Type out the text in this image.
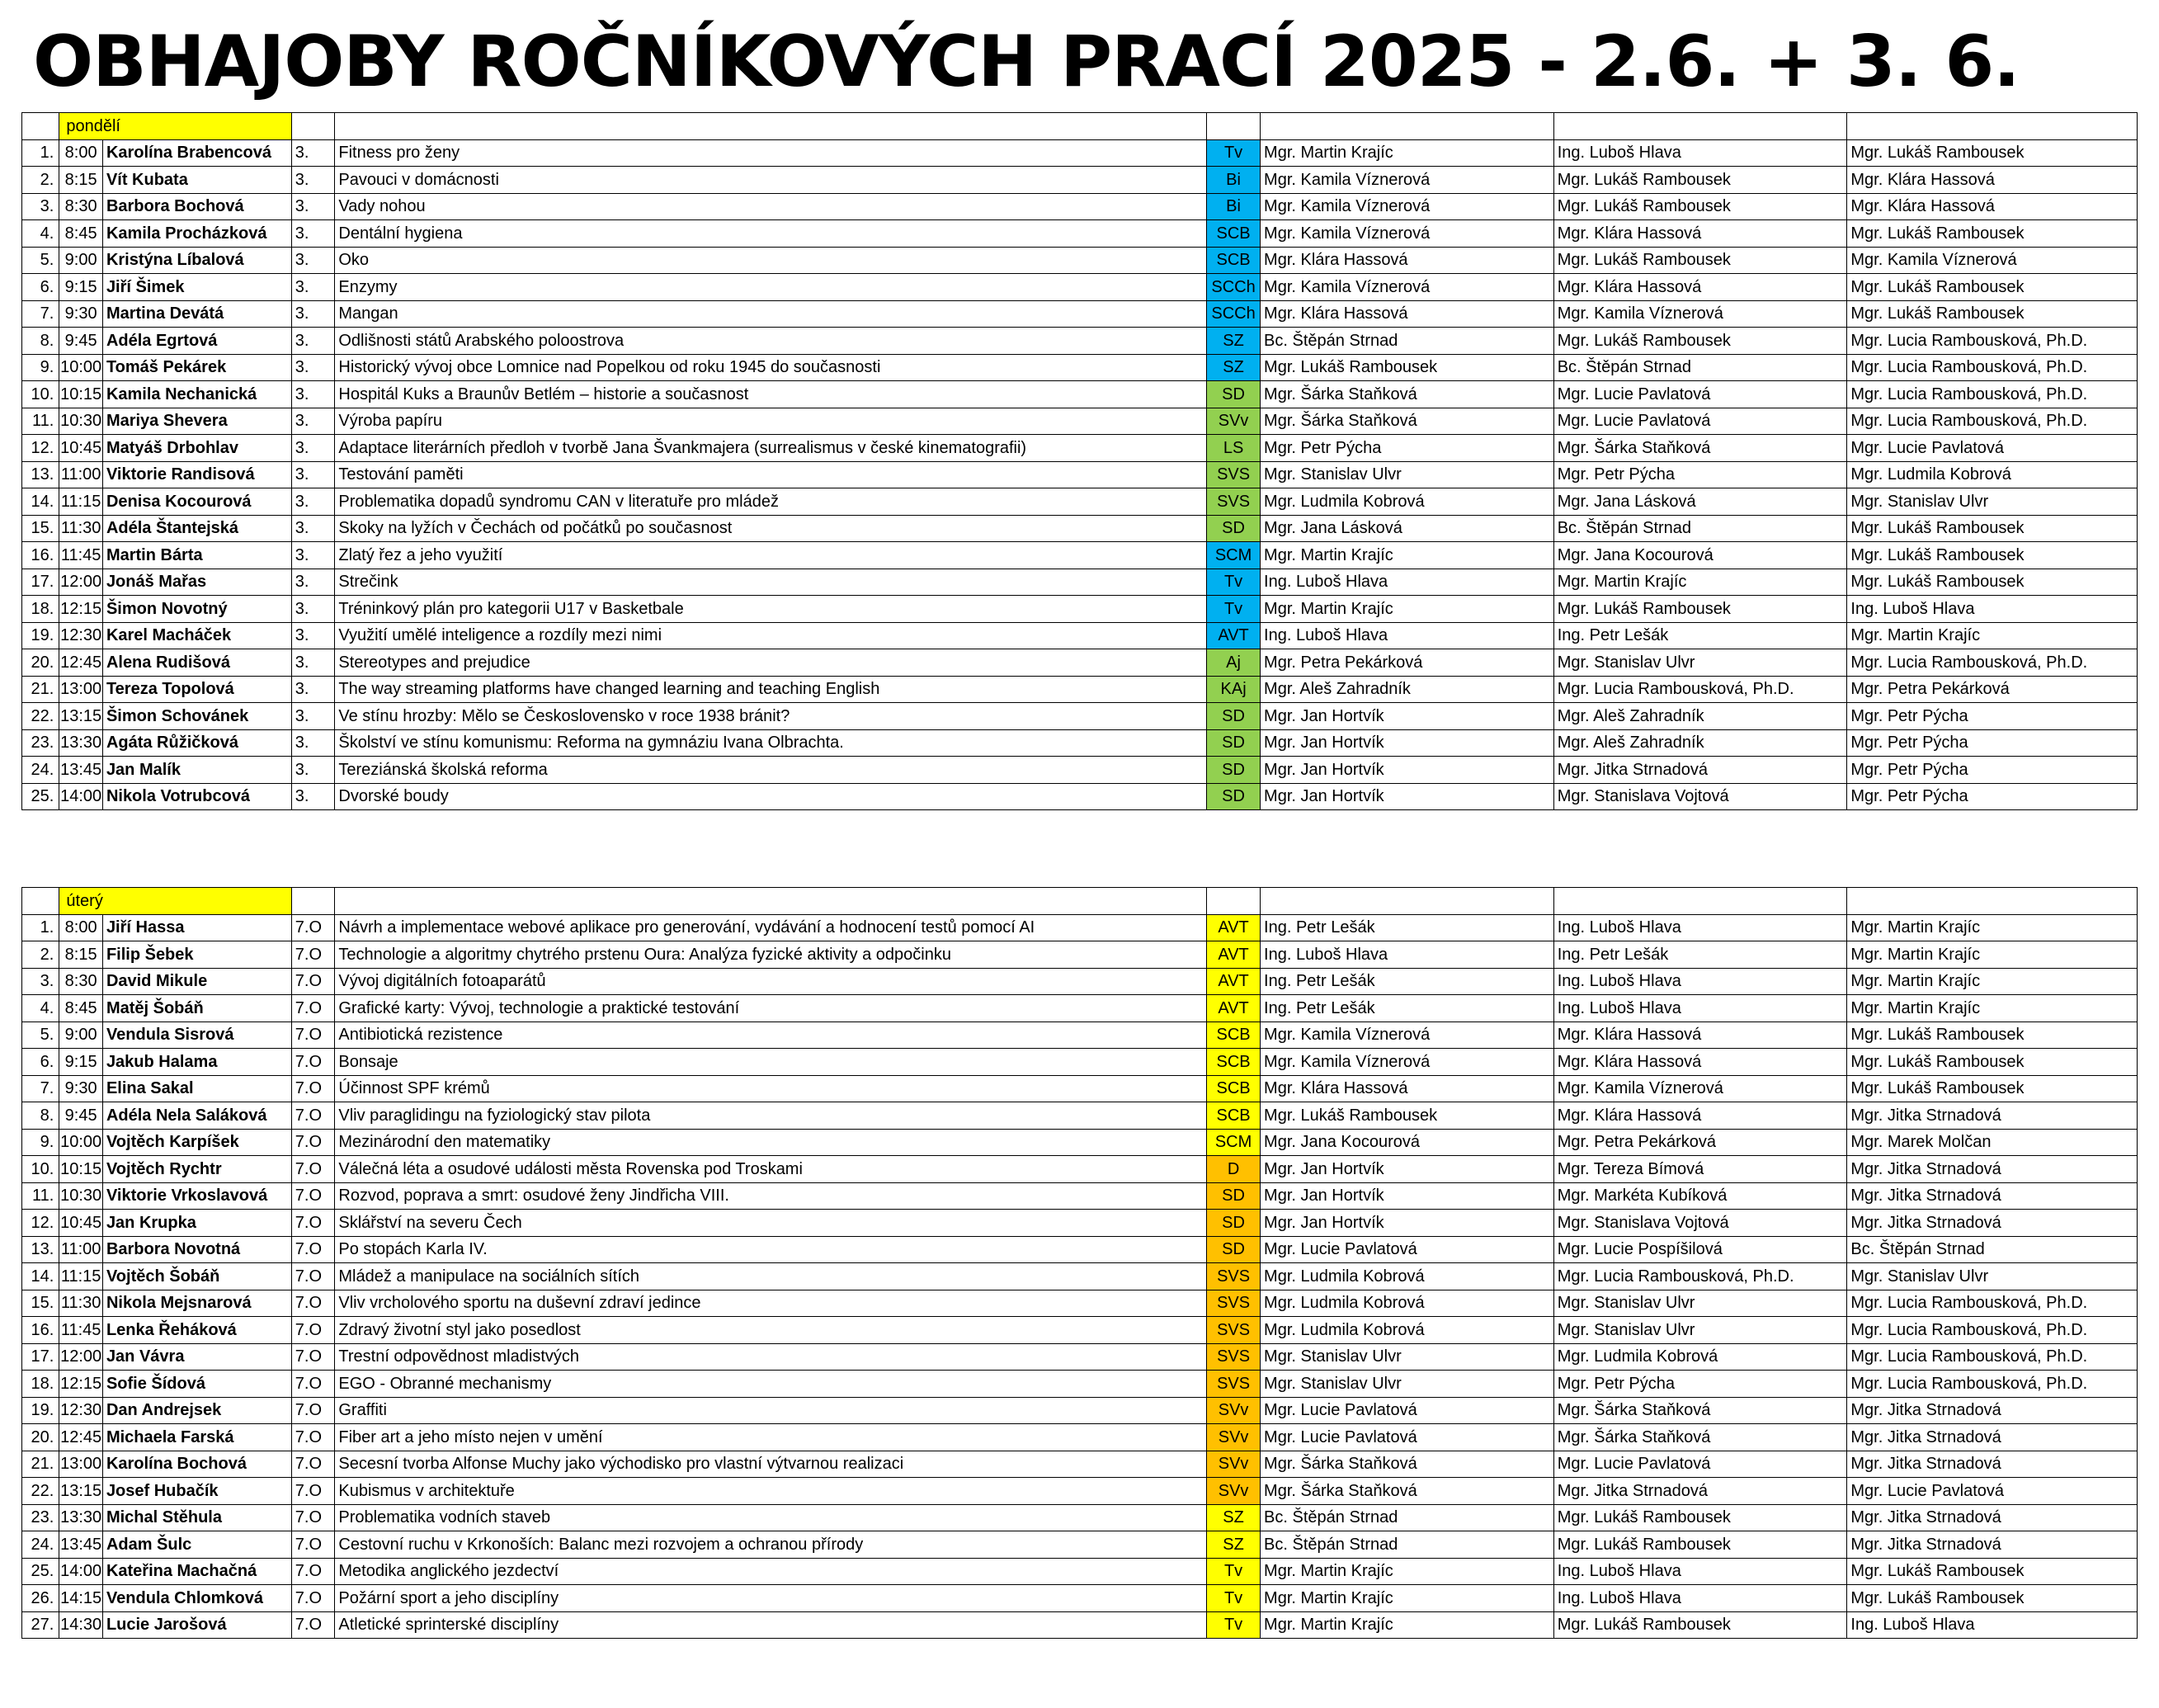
OBHAJOBY ROČNÍKOVÝCH PRACÍ 2025 - 2.6. + 3. 6.
	pondělí							
1.	8:00	Karolína Brabencová	3.	Fitness pro ženy	Tv	Mgr. Martin Krajíc	Ing. Luboš Hlava	Mgr. Lukáš Rambousek
2.	8:15	Vít Kubata	3.	Pavouci v domácnosti	Bi	Mgr. Kamila Víznerová	Mgr. Lukáš Rambousek	Mgr. Klára Hassová
3.	8:30	Barbora Bochová	3.	Vady nohou	Bi	Mgr. Kamila Víznerová	Mgr. Lukáš Rambousek	Mgr. Klára Hassová
4.	8:45	Kamila Procházková	3.	Dentální hygiena	SCB	Mgr. Kamila Víznerová	Mgr. Klára Hassová	Mgr. Lukáš Rambousek
5.	9:00	Kristýna Líbalová	3.	Oko	SCB	Mgr. Klára Hassová	Mgr. Lukáš Rambousek	Mgr. Kamila Víznerová
6.	9:15	Jiří Šimek	3.	Enzymy	SCCh	Mgr. Kamila Víznerová	Mgr. Klára Hassová	Mgr. Lukáš Rambousek
7.	9:30	Martina Devátá	3.	Mangan	SCCh	Mgr. Klára Hassová	Mgr. Kamila Víznerová	Mgr. Lukáš Rambousek
8.	9:45	Adéla Egrtová	3.	Odlišnosti států Arabského poloostrova	SZ	Bc. Štěpán Strnad	Mgr. Lukáš Rambousek	Mgr. Lucia Rambousková, Ph.D.
9.	10:00	Tomáš Pekárek	3.	Historický vývoj obce Lomnice nad Popelkou od roku 1945 do současnosti	SZ	Mgr. Lukáš Rambousek	Bc. Štěpán Strnad	Mgr. Lucia Rambousková, Ph.D.
10.	10:15	Kamila Nechanická	3.	Hospitál Kuks a Braunův Betlém – historie a současnost	SD	Mgr. Šárka Staňková	Mgr. Lucie Pavlatová	Mgr. Lucia Rambousková, Ph.D.
11.	10:30	Mariya Shevera	3.	Výroba papíru	SVv	Mgr. Šárka Staňková	Mgr. Lucie Pavlatová	Mgr. Lucia Rambousková, Ph.D.
12.	10:45	Matyáš Drbohlav	3.	Adaptace literárních předloh v tvorbě Jana Švankmajera (surrealismus v české kinematografii)	LS	Mgr. Petr Pýcha	Mgr. Šárka Staňková	Mgr. Lucie Pavlatová
13.	11:00	Viktorie Randisová	3.	Testování paměti	SVS	Mgr. Stanislav Ulvr	Mgr. Petr Pýcha	Mgr. Ludmila Kobrová
14.	11:15	Denisa Kocourová	3.	Problematika dopadů syndromu CAN v literatuře pro mládež	SVS	Mgr. Ludmila Kobrová	Mgr. Jana Lásková	Mgr. Stanislav Ulvr
15.	11:30	Adéla Štantejská	3.	Skoky na lyžích v Čechách od počátků po současnost	SD	Mgr. Jana Lásková	Bc. Štěpán Strnad	Mgr. Lukáš Rambousek
16.	11:45	Martin Bárta	3.	Zlatý řez a jeho využití	SCM	Mgr. Martin Krajíc	Mgr. Jana Kocourová	Mgr. Lukáš Rambousek
17.	12:00	Jonáš Mařas	3.	Strečink	Tv	Ing. Luboš Hlava	Mgr. Martin Krajíc	Mgr. Lukáš Rambousek
18.	12:15	Šimon Novotný	3.	Tréninkový plán pro kategorii U17 v Basketbale	Tv	Mgr. Martin Krajíc	Mgr. Lukáš Rambousek	Ing. Luboš Hlava
19.	12:30	Karel Macháček	3.	Využití umělé inteligence a rozdíly mezi nimi	AVT	Ing. Luboš Hlava	Ing. Petr Lešák	Mgr. Martin Krajíc
20.	12:45	Alena Rudišová	3.	Stereotypes and prejudice	Aj	Mgr. Petra Pekárková	Mgr. Stanislav Ulvr	Mgr. Lucia Rambousková, Ph.D.
21.	13:00	Tereza Topolová	3.	The way streaming platforms have changed learning and teaching English	KAj	Mgr. Aleš Zahradník	Mgr. Lucia Rambousková, Ph.D.	Mgr. Petra Pekárková
22.	13:15	Šimon Schovánek	3.	Ve stínu hrozby: Mělo se Československo v roce 1938 bránit?	SD	Mgr. Jan Hortvík	Mgr. Aleš Zahradník	Mgr. Petr Pýcha
23.	13:30	Agáta Růžičková	3.	Školství ve stínu komunismu: Reforma na gymnáziu Ivana Olbrachta.	SD	Mgr. Jan Hortvík	Mgr. Aleš Zahradník	Mgr. Petr Pýcha
24.	13:45	Jan Malík	3.	Tereziánská školská reforma	SD	Mgr. Jan Hortvík	Mgr. Jitka Strnadová	Mgr. Petr Pýcha
25.	14:00	Nikola Votrubcová	3.	Dvorské boudy	SD	Mgr. Jan Hortvík	Mgr. Stanislava Vojtová	Mgr. Petr Pýcha
	úterý							
1.	8:00	Jiří Hassa	7.O	Návrh a implementace webové aplikace pro generování, vydávání a hodnocení testů pomocí AI	AVT	Ing. Petr Lešák	Ing. Luboš Hlava	Mgr. Martin Krajíc
2.	8:15	Filip Šebek	7.O	Technologie a algoritmy chytrého prstenu Oura: Analýza fyzické aktivity a odpočinku	AVT	Ing. Luboš Hlava	Ing. Petr Lešák	Mgr. Martin Krajíc
3.	8:30	David Mikule	7.O	Vývoj digitálních fotoaparátů	AVT	Ing. Petr Lešák	Ing. Luboš Hlava	Mgr. Martin Krajíc
4.	8:45	Matěj Šobáň	7.O	Grafické karty: Vývoj, technologie a praktické testování	AVT	Ing. Petr Lešák	Ing. Luboš Hlava	Mgr. Martin Krajíc
5.	9:00	Vendula Sisrová	7.O	Antibiotická rezistence	SCB	Mgr. Kamila Víznerová	Mgr. Klára Hassová	Mgr. Lukáš Rambousek
6.	9:15	Jakub Halama	7.O	Bonsaje	SCB	Mgr. Kamila Víznerová	Mgr. Klára Hassová	Mgr. Lukáš Rambousek
7.	9:30	Elina Sakal	7.O	Účinnost SPF krémů	SCB	Mgr. Klára Hassová	Mgr. Kamila Víznerová	Mgr. Lukáš Rambousek
8.	9:45	Adéla Nela Saláková	7.O	Vliv paraglidingu na fyziologický stav pilota	SCB	Mgr. Lukáš Rambousek	Mgr. Klára Hassová	Mgr. Jitka Strnadová
9.	10:00	Vojtěch Karpíšek	7.O	Mezinárodní den matematiky	SCM	Mgr. Jana Kocourová	Mgr. Petra Pekárková	Mgr. Marek Molčan
10.	10:15	Vojtěch Rychtr	7.O	Válečná léta a osudové události města Rovenska pod Troskami	D	Mgr. Jan Hortvík	Mgr. Tereza Bímová	Mgr. Jitka Strnadová
11.	10:30	Viktorie Vrkoslavová	7.O	Rozvod, poprava a smrt: osudové ženy Jindřicha VIII.	SD	Mgr. Jan Hortvík	Mgr. Markéta Kubíková	Mgr. Jitka Strnadová
12.	10:45	Jan Krupka	7.O	Sklářství na severu Čech	SD	Mgr. Jan Hortvík	Mgr. Stanislava Vojtová	Mgr. Jitka Strnadová
13.	11:00	Barbora Novotná	7.O	Po stopách Karla IV.	SD	Mgr. Lucie Pavlatová	Mgr. Lucie Pospíšilová	Bc. Štěpán Strnad
14.	11:15	Vojtěch Šobáň	7.O	Mládež a manipulace na sociálních sítích	SVS	Mgr. Ludmila Kobrová	Mgr. Lucia Rambousková, Ph.D.	Mgr. Stanislav Ulvr
15.	11:30	Nikola Mejsnarová	7.O	Vliv vrcholového sportu na duševní zdraví jedince	SVS	Mgr. Ludmila Kobrová	Mgr. Stanislav Ulvr	Mgr. Lucia Rambousková, Ph.D.
16.	11:45	Lenka Řeháková	7.O	Zdravý životní styl jako posedlost	SVS	Mgr. Ludmila Kobrová	Mgr. Stanislav Ulvr	Mgr. Lucia Rambousková, Ph.D.
17.	12:00	Jan Vávra	7.O	Trestní odpovědnost mladistvých	SVS	Mgr. Stanislav Ulvr	Mgr. Ludmila Kobrová	Mgr. Lucia Rambousková, Ph.D.
18.	12:15	Sofie Šídová	7.O	EGO - Obranné mechanismy	SVS	Mgr. Stanislav Ulvr	Mgr. Petr Pýcha	Mgr. Lucia Rambousková, Ph.D.
19.	12:30	Dan Andrejsek	7.O	Graffiti	SVv	Mgr. Lucie Pavlatová	Mgr. Šárka Staňková	Mgr. Jitka Strnadová
20.	12:45	Michaela Farská	7.O	Fiber art a jeho místo nejen v umění	SVv	Mgr. Lucie Pavlatová	Mgr. Šárka Staňková	Mgr. Jitka Strnadová
21.	13:00	Karolína Bochová	7.O	Secesní tvorba Alfonse Muchy jako východisko pro vlastní výtvarnou realizaci	SVv	Mgr. Šárka Staňková	Mgr. Lucie Pavlatová	Mgr. Jitka Strnadová
22.	13:15	Josef Hubačík	7.O	Kubismus v architektuře	SVv	Mgr. Šárka Staňková	Mgr. Jitka Strnadová	Mgr. Lucie Pavlatová
23.	13:30	Michal Stěhula	7.O	Problematika vodních staveb	SZ	Bc. Štěpán Strnad	Mgr. Lukáš Rambousek	Mgr. Jitka Strnadová
24.	13:45	Adam Šulc	7.O	Cestovní ruchu v Krkonoších: Balanc mezi rozvojem a ochranou přírody	SZ	Bc. Štěpán Strnad	Mgr. Lukáš Rambousek	Mgr. Jitka Strnadová
25.	14:00	Kateřina Machačná	7.O	Metodika anglického jezdectví	Tv	Mgr. Martin Krajíc	Ing. Luboš Hlava	Mgr. Lukáš Rambousek
26.	14:15	Vendula Chlomková	7.O	Požární sport a jeho disciplíny	Tv	Mgr. Martin Krajíc	Ing. Luboš Hlava	Mgr. Lukáš Rambousek
27.	14:30	Lucie Jarošová	7.O	Atletické sprinterské disciplíny	Tv	Mgr. Martin Krajíc	Mgr. Lukáš Rambousek	Ing. Luboš Hlava
